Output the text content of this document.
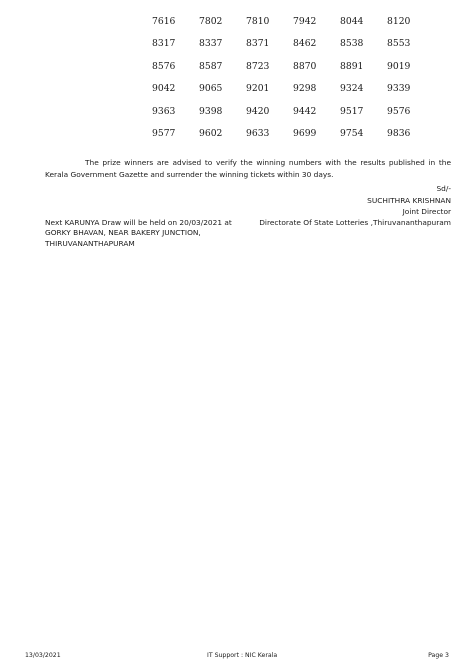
7616	7802	7810	7942	8044	8120
8317	8337	8371	8462	8538	8553
8576	8587	8723	8870	8891	9019
9042	9065	9201	9298	9324	9339
9363	9398	9420	9442	9517	9576
9577	9602	9633	9699	9754	9836
The prize winners are advised to verify the winning numbers with the results published in the Kerala Government Gazette and surrender the winning tickets within 30 days.
Sd/-
SUCHITHRA KRISHNAN
Joint Director
Next KARUNYA Draw will be held on 20/03/2021 at
GORKY BHAVAN, NEAR BAKERY JUNCTION,
THIRUVANANTHAPURAM
Directorate Of State Lotteries ,Thiruvananthapuram
13/03/2021	IT Support : NIC Kerala	Page 3
